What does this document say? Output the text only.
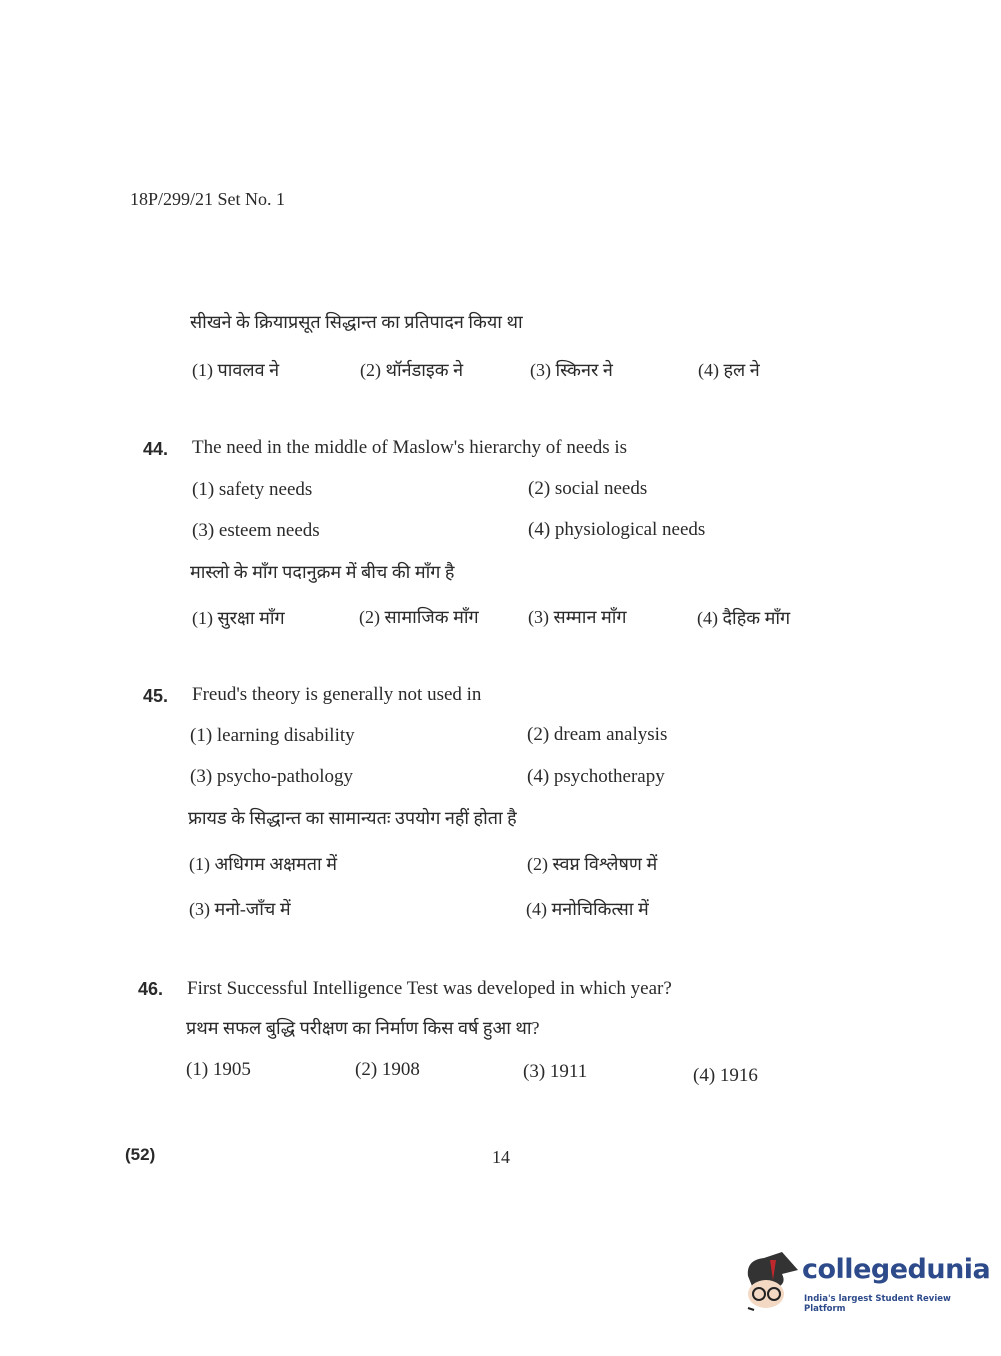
18P/299/21 Set No. 1
सीखने के क्रियाप्रसूत सिद्धान्त का प्रतिपादन किया था
(1) पावलव ने	(2) थॉर्नडाइक ने	(3) स्किनर ने	(4) हल ने
44. The need in the middle of Maslow's hierarchy of needs is
(1) safety needs	(2) social needs
(3) esteem needs	(4) physiological needs
मास्लो के माँग पदानुक्रम में बीच की माँग है
(1) सुरक्षा माँग	(2) सामाजिक माँग	(3) सम्मान माँग	(4) दैहिक माँग
45. Freud's theory is generally not used in
(1) learning disability	(2) dream analysis
(3) psycho-pathology	(4) psychotherapy
फ्रायड के सिद्धान्त का सामान्यतः उपयोग नहीं होता है
(1) अधिगम अक्षमता में	(2) स्वप्न विश्लेषण में
(3) मनो-जाँच में	(4) मनोचिकित्सा में
46. First Successful Intelligence Test was developed in which year?
प्रथम सफल बुद्धि परीक्षण का निर्माण किस वर्ष हुआ था?
(1) 1905	(2) 1908	(3) 1911	(4) 1916
(52)	14
collegedunia
India's largest Student Review Platform
